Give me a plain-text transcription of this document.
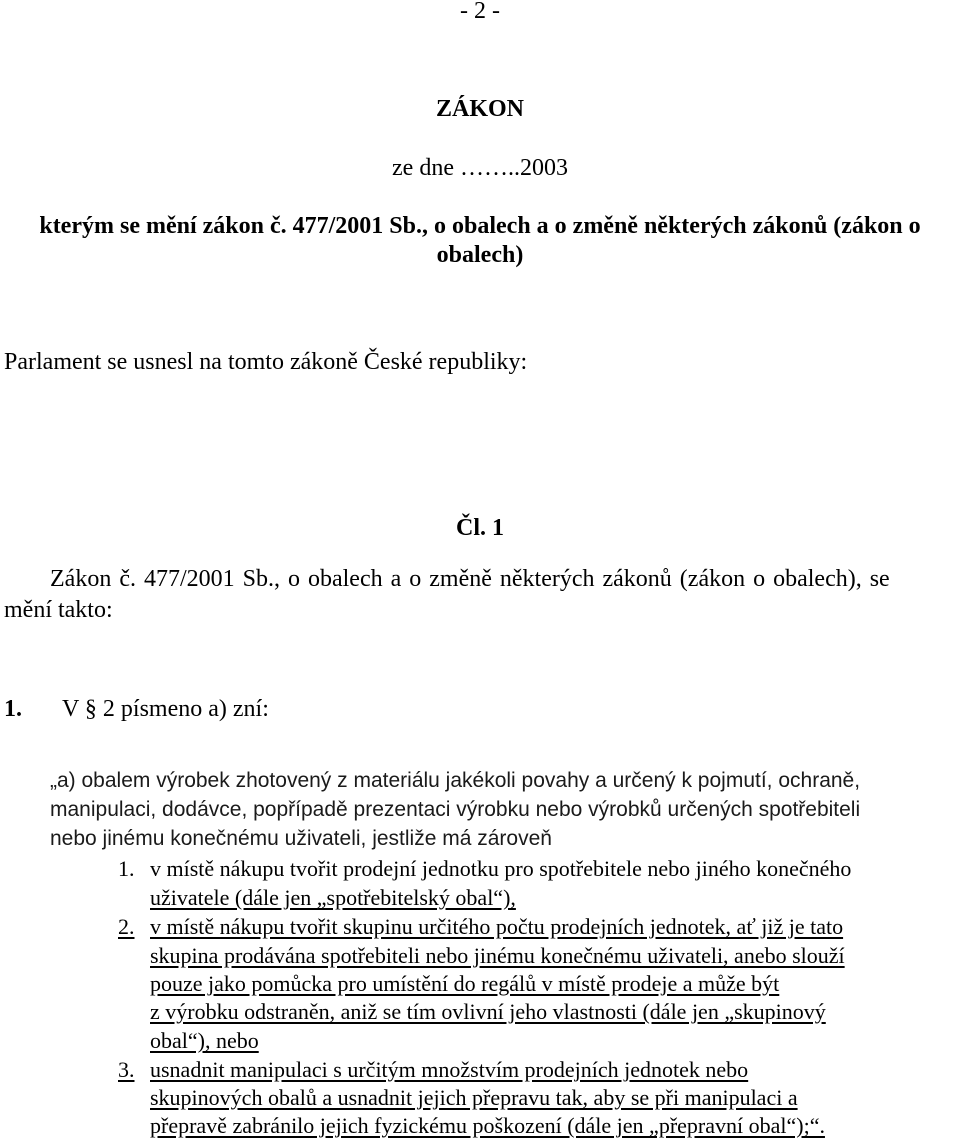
- 2 -
ZÁKON
ze dne ……..2003
kterým se mění zákon č. 477/2001 Sb., o obalech a o změně některých zákonů (zákon o
obalech)
Parlament se usnesl na tomto zákoně České republiky:
Čl. 1
Zákon č. 477/2001 Sb., o obalech a o změně některých zákonů (zákon o obalech), se
mění takto:
1. V § 2 písmeno a) zní:
„a) obalem výrobek zhotovený z materiálu jakékoli povahy a určený k pojmutí, ochraně,
manipulaci, dodávce, popřípadě prezentaci výrobku nebo výrobků určených spotřebiteli
nebo jinému konečnému uživateli, jestliže má zároveň
1. v místě nákupu tvořit prodejní jednotku pro spotřebitele nebo jiného konečného
uživatele (dále jen „spotřebitelský obal“),
2. v místě nákupu tvořit skupinu určitého počtu prodejních jednotek, ať již je tato
skupina prodávána spotřebiteli nebo jinému konečnému uživateli, anebo slouží
pouze jako pomůcka pro umístění do regálů v místě prodeje a může být
z výrobku odstraněn, aniž se tím ovlivní jeho vlastnosti (dále jen „skupinový
obal“), nebo
3. usnadnit manipulaci s určitým množstvím prodejních jednotek nebo
skupinových obalů a usnadnit jejich přepravu tak, aby se při manipulaci a
přepravě zabránilo jejich fyzickému poškození (dále jen „přepravní obal“);“.
